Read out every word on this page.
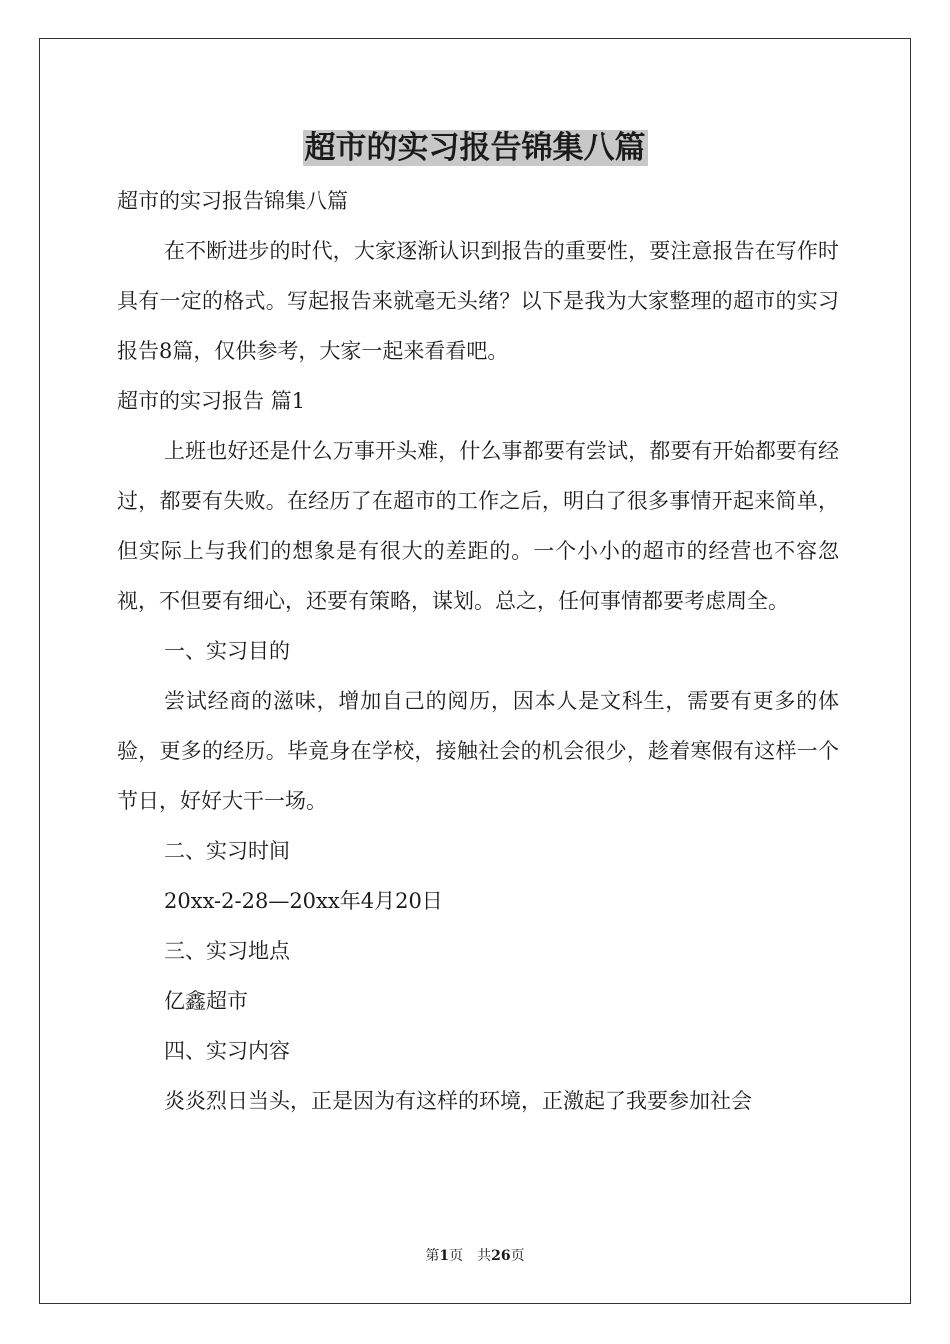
超市的实习报告锦集八篇

超市的实习报告锦集八篇

在不断进步的时代，大家逐渐认识到报告的重要性，要注意报告在写作时具有一定的格式。写起报告来就毫无头绪？以下是我为大家整理的超市的实习报告8篇，仅供参考，大家一起来看看吧。

超市的实习报告 篇1

上班也好还是什么万事开头难，什么事都要有尝试，都要有开始都要有经过，都要有失败。在经历了在超市的工作之后，明白了很多事情开起来简单，但实际上与我们的想象是有很大的差距的。一个小小的超市的经营也不容忽视，不但要有细心，还要有策略，谋划。总之，任何事情都要考虑周全。

一、实习目的

尝试经商的滋味，增加自己的阅历，因本人是文科生，需要有更多的体验，更多的经历。毕竟身在学校，接触社会的机会很少，趁着寒假有这样一个节日，好好大干一场。

二、实习时间

20xx-2-28—20xx年4月20日

三、实习地点

亿鑫超市

四、实习内容

炎炎烈日当头，正是因为有这样的环境，正激起了我要参加社会

第1页 共26页
